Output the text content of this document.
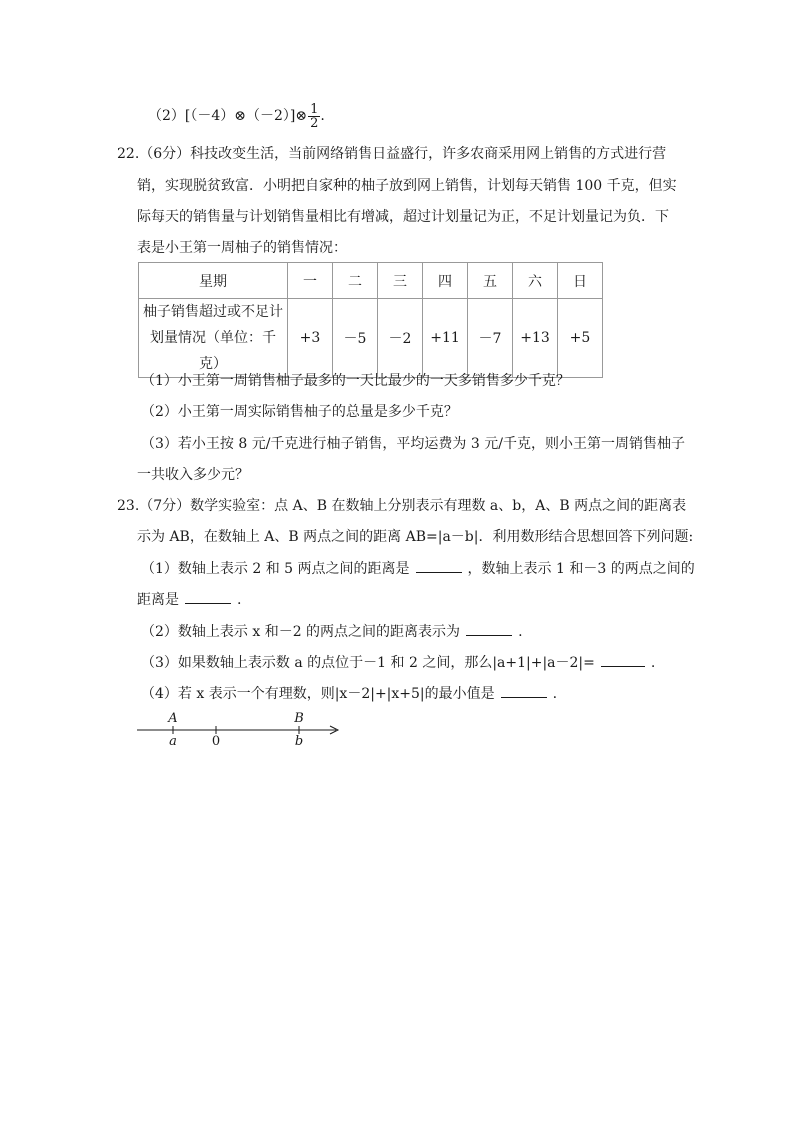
（2）[（－4）⊗（－2）]⊗ $\frac{1}{2}$ .
22.（6分）科技改变生活，当前网络销售日益盛行，许多农商采用网上销售的方式进行营
销，实现脱贫致富．小明把自家种的柚子放到网上销售，计划每天销售 100 千克，但实
际每天的销售量与计划销售量相比有增减，超过计划量记为正，不足计划量记为负．下
表是小王第一周柚子的销售情况：
星期	一	二	三	四	五	六	日
柚子销售超过或不足计
划量情况（单位：千克）	+3	－5	－2	+11	－7	+13	+5
（1）小王第一周销售柚子最多的一天比最少的一天多销售多少千克？
（2）小王第一周实际销售柚子的总量是多少千克？
（3）若小王按 8 元/千克进行柚子销售，平均运费为 3 元/千克，则小王第一周销售柚子
一共收入多少元？
23.（7分）数学实验室：点 A、B 在数轴上分别表示有理数 a、b，A、B 两点之间的距离表
示为 AB，在数轴上 A、B 两点之间的距离 AB=|a－b|．利用数形结合思想回答下列问题:
（1）数轴上表示 2 和 5 两点之间的距离是	，数轴上表示 1 和－3 的两点之间的
距离是	.
（2）数轴上表示 x 和－2 的两点之间的距离表示为	.
（3）如果数轴上表示数 a 的点位于－1 和 2 之间，那么|a+1|+|a－2|=	.
（4）若 x 表示一个有理数，则|x－2|+|x+5|的最小值是	.
A	B
a	0	b
